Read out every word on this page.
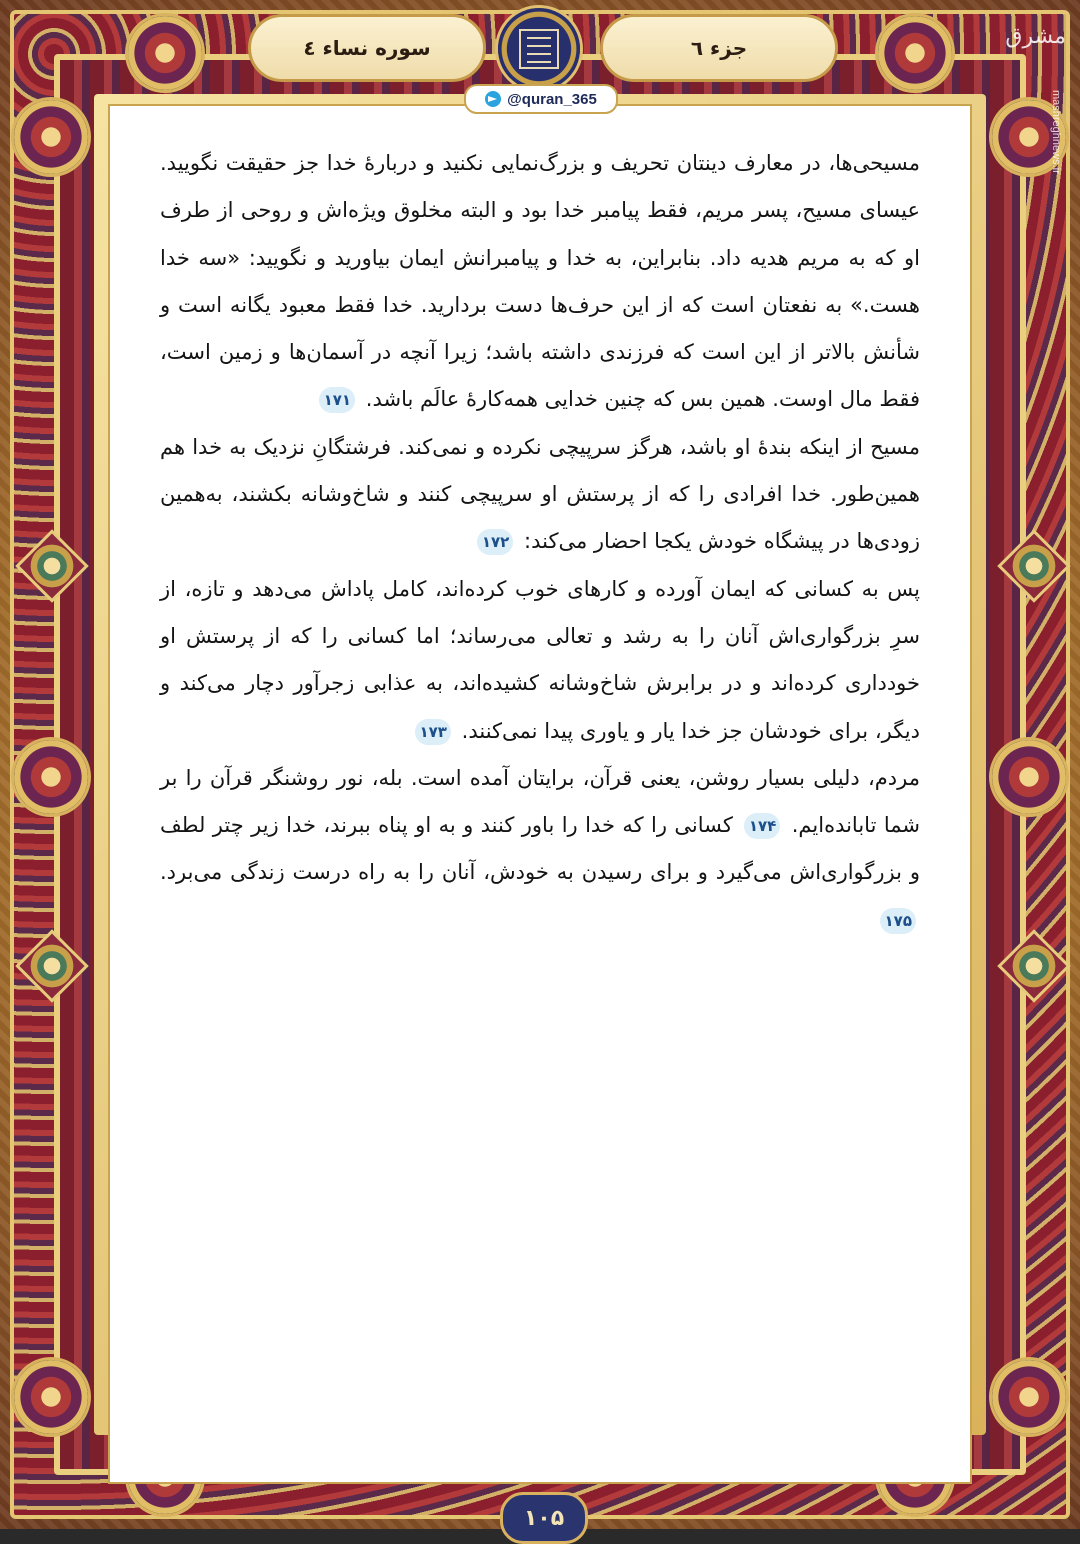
سوره نساء ٤	جزء ٦	مشرق
mashreghnews.ir
@quran_365

مسیحی‌ها، در معارف دینتان تحریف و بزرگ‌نمایی نکنید و دربارهٔ خدا جز حقیقت نگویید. عیسای مسیح، پسر مریم، فقط پیامبر خدا بود و البته مخلوق ویژه‌اش و روحی از طرف او که به مریم هدیه داد. بنابراین، به خدا و پیامبرانش ایمان بیاورید و نگویید: «سه خدا هست.» به نفعتان است که از این حرف‌ها دست بردارید. خدا فقط معبود یگانه است و شأنش بالاتر از این است که فرزندی داشته باشد؛ زیرا آنچه در آسمان‌ها و زمین است، فقط مال اوست. همین بس که چنین خدایی همه‌کارهٔ عالَم باشد. ۱۷۱

مسیح از اینکه بندهٔ او باشد، هرگز سرپیچی نکرده و نمی‌کند. فرشتگانِ نزدیک به خدا هم همین‌طور. خدا افرادی را که از پرستش او سرپیچی کنند و شاخ‌وشانه بکشند، به‌همین زودی‌ها در پیشگاه خودش یکجا احضار می‌کند: ۱۷۲

پس به کسانی که ایمان آورده و کارهای خوب کرده‌اند، کامل پاداش می‌دهد و تازه، از سرِ بزرگواری‌اش آنان را به رشد و تعالی می‌رساند؛ اما کسانی را که از پرستش او خودداری کرده‌اند و در برابرش شاخ‌وشانه کشیده‌اند، به عذابی زجرآور دچار می‌کند و دیگر، برای خودشان جز خدا یار و یاوری پیدا نمی‌کنند. ۱۷۳

مردم، دلیلی بسیار روشن، یعنی قرآن، برایتان آمده است. بله، نور روشنگر قرآن را بر شما تابانده‌ایم. ۱۷۴ کسانی را که خدا را باور کنند و به او پناه ببرند، خدا زیر چتر لطف و بزرگواری‌اش می‌گیرد و برای رسیدن به خودش، آنان را به راه درست زندگی می‌برد. ۱۷۵

۱۰۵
